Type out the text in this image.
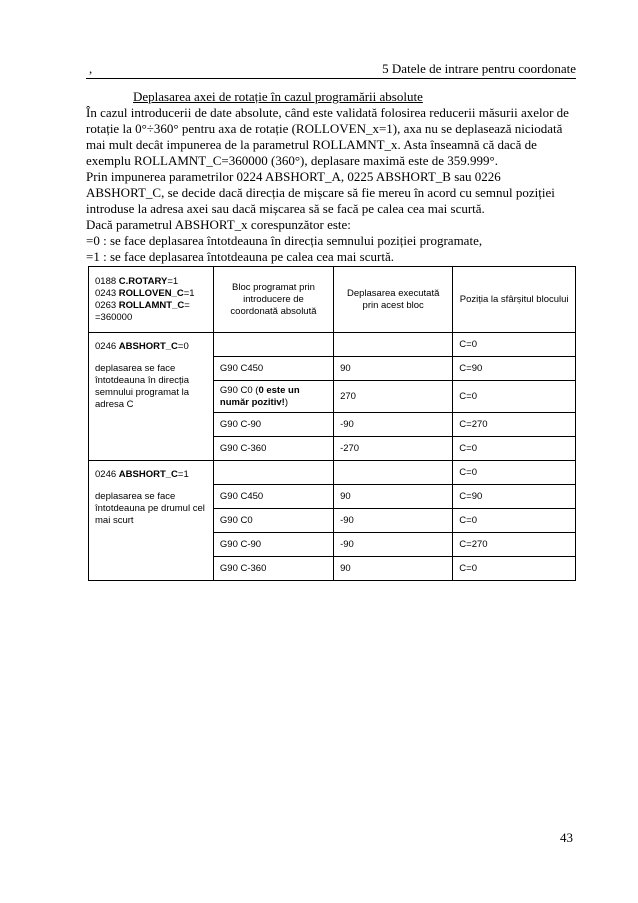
,	5 Datele de intrare pentru coordonate
Deplasarea axei de rotație în cazul programării absolute

În cazul introducerii de date absolute, când este validată folosirea reducerii măsurii axelor de

rotație la 0°÷360° pentru axa de rotație (ROLLOVEN_x=1), axa nu se deplasează niciodată

mai mult decât impunerea de la parametrul ROLLAMNT_x. Asta înseamnă că dacă de

exemplu ROLLAMNT_C=360000 (360°), deplasare maximă este de 359.999°.

Prin impunerea parametrilor 0224 ABSHORT_A, 0225 ABSHORT_B sau 0226

ABSHORT_C, se decide dacă direcția de mișcare să fie mereu în acord cu semnul poziției

introduse la adresa axei sau dacă mișcarea să se facă pe calea cea mai scurtă.

Dacă parametrul ABSHORT_x corespunzător este:

=0 : se face deplasarea întotdeauna în direcția semnului poziției programate,

=1 : se face deplasarea întotdeauna pe calea cea mai scurtă.

0188 C.ROTARY=1
0243 ROLLOVEN_C=1
0263 ROLLAMNT_C=
=360000	Bloc programat prin introducere de coordonată absolută	Deplasarea executată prin acest bloc	Poziția la sfârșitul blocului

0246 ABSHORT_C=0
deplasarea se face întotdeauna în direcția semnului programat la adresa C			C=0
	G90 C450	90	C=90
	G90 C0 (0 este un număr pozitiv!)	270	C=0
	G90 C-90	-90	C=270
	G90 C-360	-270	C=0

0246 ABSHORT_C=1
deplasarea se face întotdeauna pe drumul cel mai scurt			C=0
	G90 C450	90	C=90
	G90 C0	-90	C=0
	G90 C-90	-90	C=270
	G90 C-360	90	C=0
43
